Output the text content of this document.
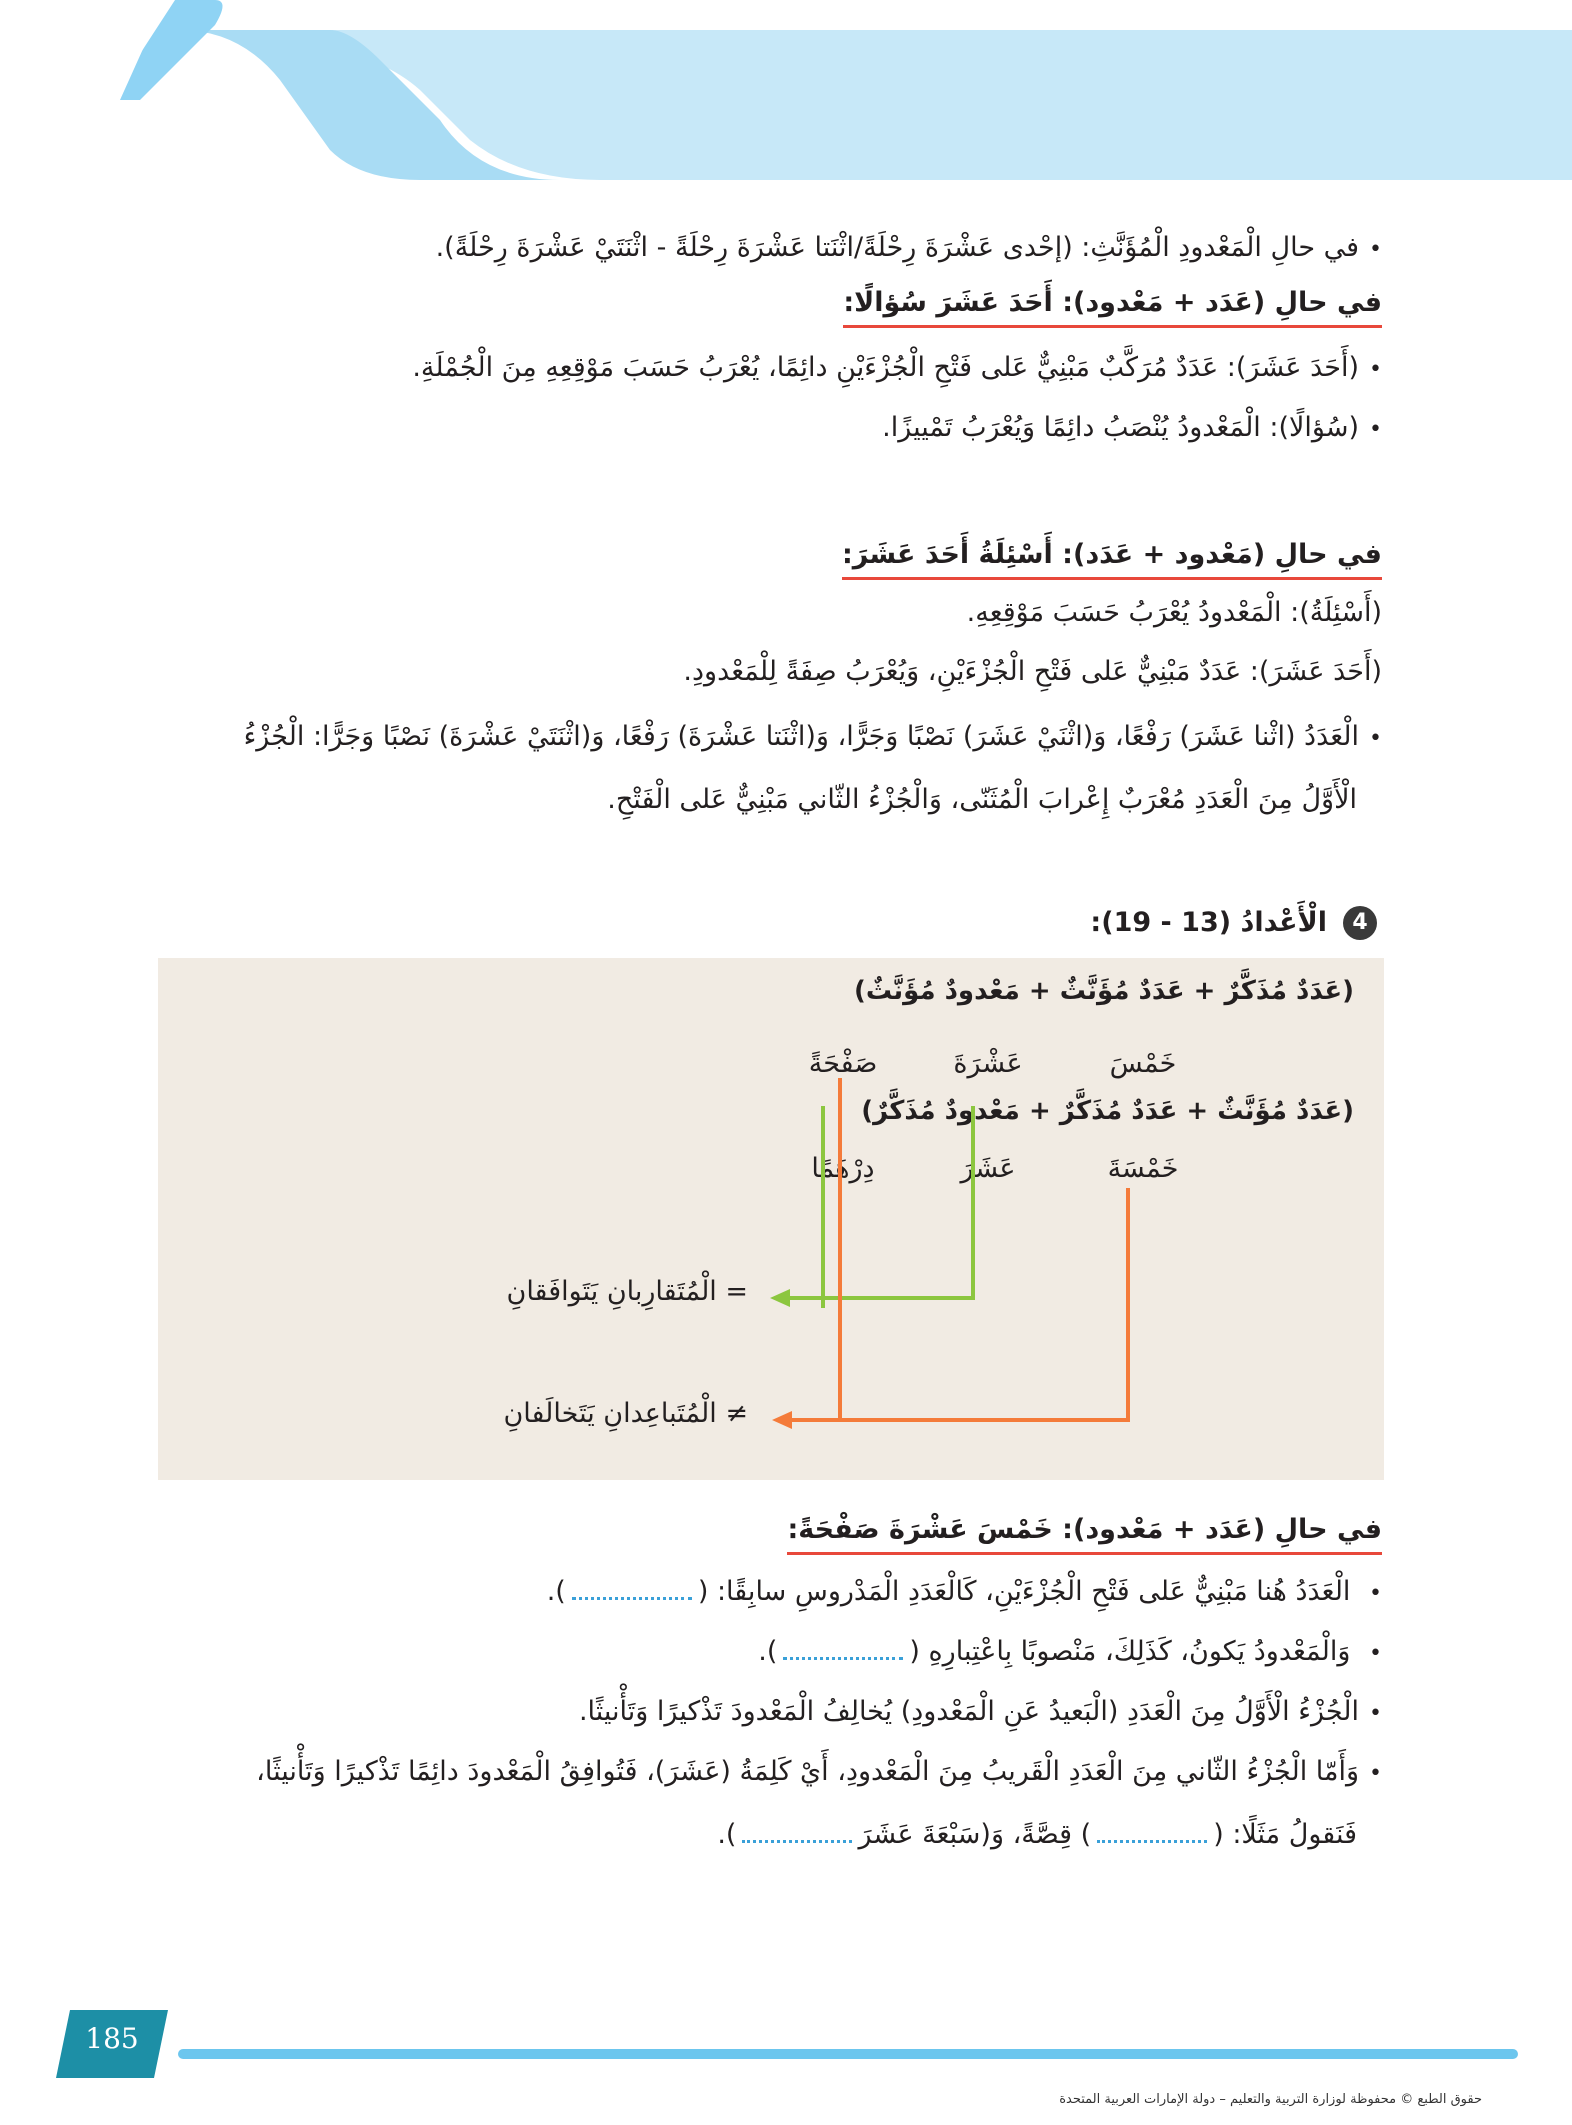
• في حالِ الْمَعْدودِ الْمُؤَنَّثِ: (إحْدى عَشْرَةَ رِحْلَةً/اثْنَتا عَشْرَةَ رِحْلَةً - اثْنَتَيْ عَشْرَةَ رِحْلَةً).
في حالِ (عَدَد + مَعْدود): أَحَدَ عَشَرَ سُؤالًا:
• (أَحَدَ عَشَرَ): عَدَدٌ مُرَكَّبٌ مَبْنِيٌّ عَلى فَتْحِ الْجُزْءَيْنِ دائِمًا، يُعْرَبُ حَسَبَ مَوْقِعِهِ مِنَ الْجُمْلَةِ.
• (سُؤالًا): الْمَعْدودُ يُنْصَبُ دائِمًا وَيُعْرَبُ تَمْييزًا.
في حالِ (مَعْدود + عَدَد): أَسْئِلَةُ أَحَدَ عَشَرَ:
(أَسْئِلَةُ): الْمَعْدودُ يُعْرَبُ حَسَبَ مَوْقِعِهِ.
(أَحَدَ عَشَرَ): عَدَدٌ مَبْنِيٌّ عَلى فَتْحِ الْجُزْءَيْنِ، وَيُعْرَبُ صِفَةً لِلْمَعْدودِ.
• الْعَدَدُ (اثْنا عَشَرَ) رَفْعًا، وَ(اثْنَيْ عَشَرَ) نَصْبًا وَجَرًّا، وَ(اثْنَتا عَشْرَةَ) رَفْعًا، وَ(اثْنَتَيْ عَشْرَةَ) نَصْبًا وَجَرًّا: الْجُزْءُ
الْأَوَّلُ مِنَ الْعَدَدِ مُعْرَبٌ إِعْرابَ الْمُثَنّى، وَالْجُزْءُ الثّاني مَبْنِيٌّ عَلى الْفَتْحِ.
4
الْأَعْدادُ (13 - 19):
(عَدَدٌ مُذَكَّرٌ + عَدَدٌ مُؤَنَّثٌ + مَعْدودٌ مُؤَنَّثٌ)
خَمْسَ
عَشْرَةَ
صَفْحَةً
(عَدَدٌ مُؤَنَّثٌ + عَدَدٌ مُذَكَّرٌ + مَعْدودٌ مُذَكَّرٌ)
خَمْسَةَ
عَشَرَ
دِرْهَمًا
= الْمُتَقارِبانِ يَتَوافَقانِ
≠ الْمُتَباعِدانِ يَتَخالَفانِ
في حالِ (عَدَد + مَعْدود): خَمْسَ عَشْرَةَ صَفْحَةً:
• الْعَدَدُ هُنا مَبْنِيٌّ عَلى فَتْحِ الْجُزْءَيْنِ، كَالْعَدَدِ الْمَدْروسِ سابِقًا: ().
• وَالْمَعْدودُ يَكونُ، كَذَلِكَ، مَنْصوبًا بِاعْتِبارِهِ ().
• الْجُزْءُ الْأَوَّلُ مِنَ الْعَدَدِ (الْبَعيدُ عَنِ الْمَعْدودِ) يُخالِفُ الْمَعْدودَ تَذْكيرًا وَتَأْنيثًا.
• وَأَمّا الْجُزْءُ الثّاني مِنَ الْعَدَدِ الْقَريبُ مِنَ الْمَعْدودِ، أَيْ كَلِمَةُ (عَشَرَ)، فَتُوافِقُ الْمَعْدودَ دائِمًا تَذْكيرًا وَتَأْنيثًا،
فَنَقولُ مَثَلًا: () قِصَّةً، وَ(سَبْعَةَ عَشَرَ).
185
حقوق الطبع © محفوظة لوزارة التربية والتعليم – دولة الإمارات العربية المتحدة
